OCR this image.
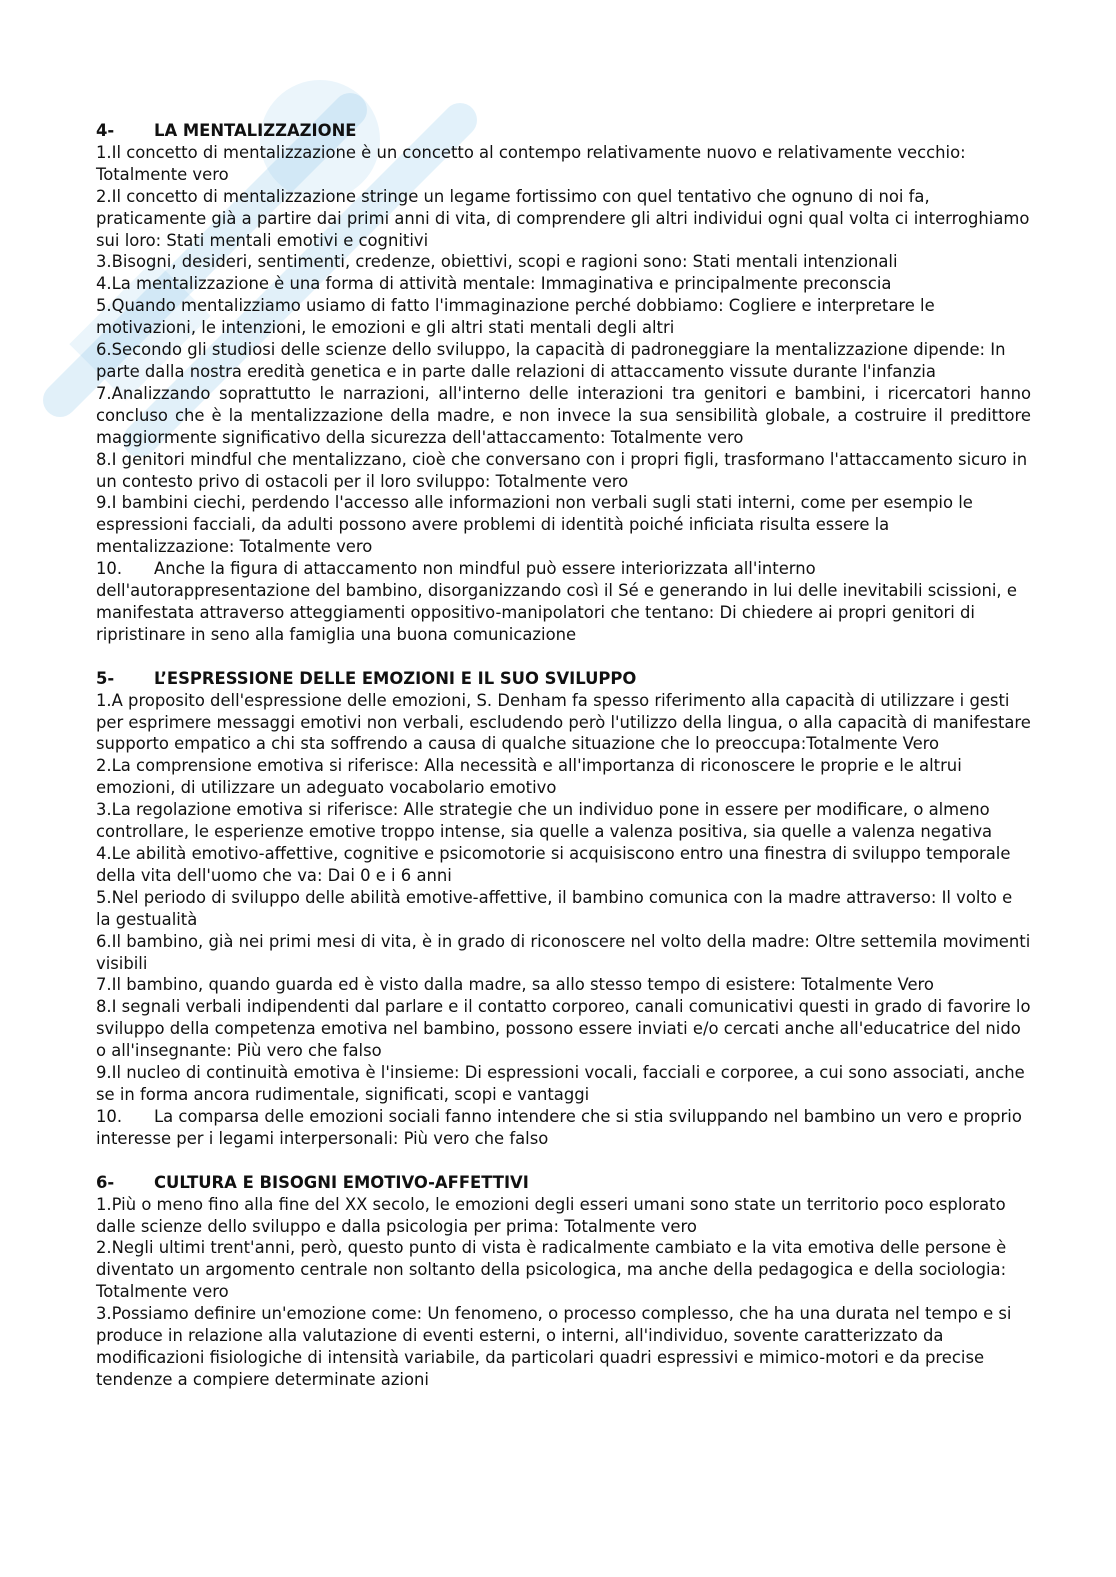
4-	LA MENTALIZZAZIONE

1.Il concetto di mentalizzazione è un concetto al contempo relativamente nuovo e relativamente vecchio: Totalmente vero

2.Il concetto di mentalizzazione stringe un legame fortissimo con quel tentativo che ognuno di noi fa, praticamente già a partire dai primi anni di vita, di comprendere gli altri individui ogni qual volta ci interroghiamo sui loro: Stati mentali emotivi e cognitivi

3.Bisogni, desideri, sentimenti, credenze, obiettivi, scopi e ragioni sono: Stati mentali intenzionali

4.La mentalizzazione è una forma di attività mentale: Immaginativa e principalmente preconscia

5.Quando mentalizziamo usiamo di fatto l'immaginazione perché dobbiamo: Cogliere e interpretare le motivazioni, le intenzioni, le emozioni e gli altri stati mentali degli altri

6.Secondo gli studiosi delle scienze dello sviluppo, la capacità di padroneggiare la mentalizzazione dipende: In parte dalla nostra eredità genetica e in parte dalle relazioni di attaccamento vissute durante l'infanzia

7.Analizzando soprattutto le narrazioni, all'interno delle interazioni tra genitori e bambini, i ricercatori hanno concluso che è la mentalizzazione della madre, e non invece la sua sensibilità globale, a costruire il predittore maggiormente significativo della sicurezza dell'attaccamento: Totalmente vero

8.I genitori mindful che mentalizzano, cioè che conversano con i propri figli, trasformano l'attaccamento sicuro in un contesto privo di ostacoli per il loro sviluppo: Totalmente vero

9.I bambini ciechi, perdendo l'accesso alle informazioni non verbali sugli stati interni, come per esempio le espressioni facciali, da adulti possono avere problemi di identità poiché inficiata risulta essere la mentalizzazione: Totalmente vero

10. Anche la figura di attaccamento non mindful può essere interiorizzata all'interno dell'autorappresentazione del bambino, disorganizzando così il Sé e generando in lui delle inevitabili scissioni, e manifestata attraverso atteggiamenti oppositivo-manipolatori che tentano: Di chiedere ai propri genitori di ripristinare in seno alla famiglia una buona comunicazione

5-	L’ESPRESSIONE DELLE EMOZIONI E IL SUO SVILUPPO

1.A proposito dell'espressione delle emozioni, S. Denham fa spesso riferimento alla capacità di utilizzare i gesti per esprimere messaggi emotivi non verbali, escludendo però l'utilizzo della lingua, o alla capacità di manifestare supporto empatico a chi sta soffrendo a causa di qualche situazione che lo preoccupa:Totalmente Vero

2.La comprensione emotiva si riferisce: Alla necessità e all'importanza di riconoscere le proprie e le altrui emozioni, di utilizzare un adeguato vocabolario emotivo

3.La regolazione emotiva si riferisce: Alle strategie che un individuo pone in essere per modificare, o almeno controllare, le esperienze emotive troppo intense, sia quelle a valenza positiva, sia quelle a valenza negativa

4.Le abilità emotivo-affettive, cognitive e psicomotorie si acquisiscono entro una finestra di sviluppo temporale della vita dell'uomo che va: Dai 0 e i 6 anni

5.Nel periodo di sviluppo delle abilità emotive-affettive, il bambino comunica con la madre attraverso: Il volto e la gestualità

6.Il bambino, già nei primi mesi di vita, è in grado di riconoscere nel volto della madre: Oltre settemila movimenti visibili

7.Il bambino, quando guarda ed è visto dalla madre, sa allo stesso tempo di esistere: Totalmente Vero

8.I segnali verbali indipendenti dal parlare e il contatto corporeo, canali comunicativi questi in grado di favorire lo sviluppo della competenza emotiva nel bambino, possono essere inviati e/o cercati anche all'educatrice del nido o all'insegnante: Più vero che falso

9.Il nucleo di continuità emotiva è l'insieme: Di espressioni vocali, facciali e corporee, a cui sono associati, anche se in forma ancora rudimentale, significati, scopi e vantaggi

10. La comparsa delle emozioni sociali fanno intendere che si stia sviluppando nel bambino un vero e proprio interesse per i legami interpersonali: Più vero che falso

6-	CULTURA E BISOGNI EMOTIVO-AFFETTIVI

1.Più o meno fino alla fine del XX secolo, le emozioni degli esseri umani sono state un territorio poco esplorato dalle scienze dello sviluppo e dalla psicologia per prima: Totalmente vero

2.Negli ultimi trent'anni, però, questo punto di vista è radicalmente cambiato e la vita emotiva delle persone è diventato un argomento centrale non soltanto della psicologica, ma anche della pedagogica e della sociologia: Totalmente vero

3.Possiamo definire un'emozione come: Un fenomeno, o processo complesso, che ha una durata nel tempo e si produce in relazione alla valutazione di eventi esterni, o interni, all'individuo, sovente caratterizzato da modificazioni fisiologiche di intensità variabile, da particolari quadri espressivi e mimico-motori e da precise tendenze a compiere determinate azioni
